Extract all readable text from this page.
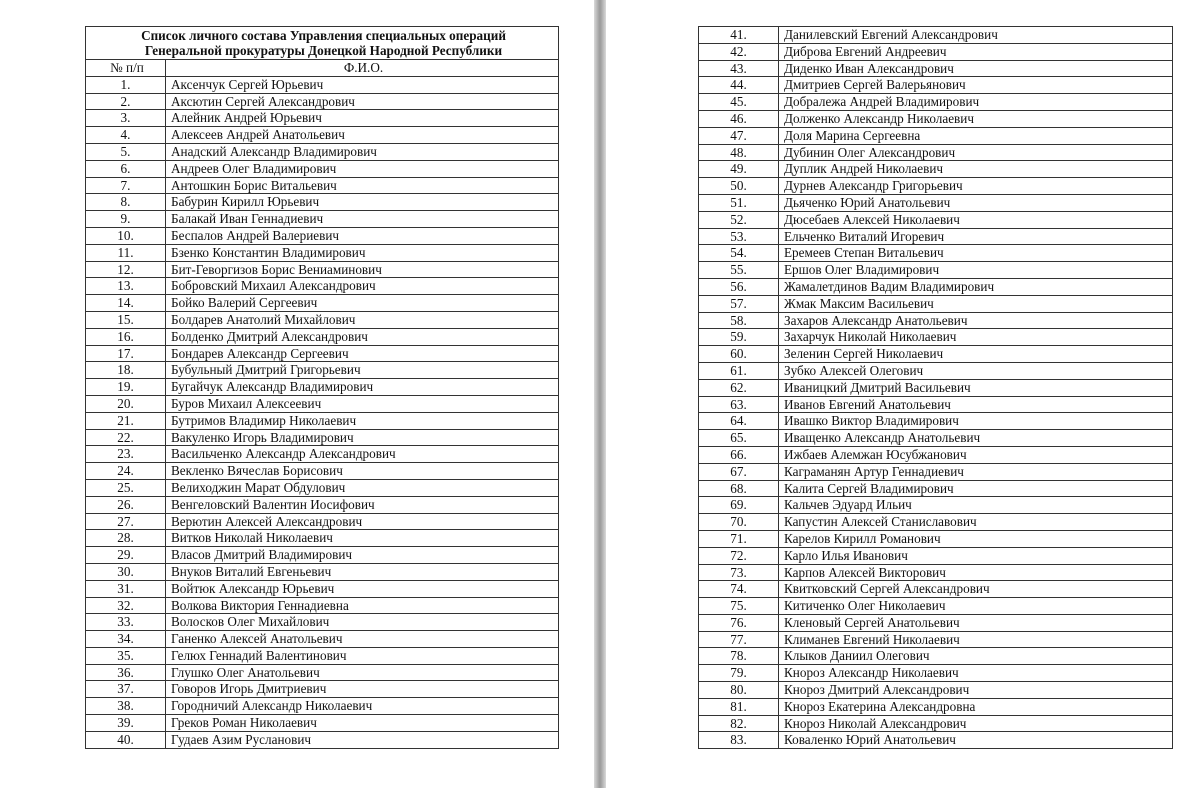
Список личного состава Управления специальных операций
Генеральной прокуратуры Донецкой Народной Республики	
№ п/п	Ф.И.О.
1.	Аксенчук Сергей Юрьевич
2.	Аксютин Сергей Александрович
3.	Алейник Андрей Юрьевич
4.	Алексеев Андрей Анатольевич
5.	Анадский Александр Владимирович
6.	Андреев Олег Владимирович
7.	Антошкин Борис Витальевич
8.	Бабурин Кирилл Юрьевич
9.	Балакай Иван Геннадиевич
10.	Беспалов Андрей Валериевич
11.	Бзенко Константин Владимирович
12.	Бит-Геворгизов Борис Вениаминович
13.	Бобровский Михаил Александрович
14.	Бойко Валерий Сергеевич
15.	Болдарев Анатолий Михайлович
16.	Болденко Дмитрий Александрович
17.	Бондарев Александр Сергеевич
18.	Бубульный Дмитрий Григорьевич
19.	Бугайчук Александр Владимирович
20.	Буров Михаил Алексеевич
21.	Бутримов Владимир Николаевич
22.	Вакуленко Игорь Владимирович
23.	Васильченко Александр Александрович
24.	Векленко Вячеслав Борисович
25.	Велиходжин Марат Обдулович
26.	Венгеловский Валентин Иосифович
27.	Верютин Алексей Александрович
28.	Витков Николай Николаевич
29.	Власов Дмитрий Владимирович
30.	Внуков Виталий Евгеньевич
31.	Войтюк Александр Юрьевич
32.	Волкова Виктория Геннадиевна
33.	Волосков Олег Михайлович
34.	Ганенко Алексей Анатольевич
35.	Гелюх Геннадий Валентинович
36.	Глушко Олег Анатольевич
37.	Говоров Игорь Дмитриевич
38.	Городничий Александр Николаевич
39.	Греков Роман Николаевич
40.	Гудаев Азим Русланович
41.	Данилевский Евгений Александрович
42.	Диброва Евгений Андреевич
43.	Диденко Иван Александрович
44.	Дмитриев Сергей Валерьянович
45.	Добралежа Андрей Владимирович
46.	Долженко Александр Николаевич
47.	Доля Марина Сергеевна
48.	Дубинин Олег Александрович
49.	Дуплик Андрей Николаевич
50.	Дурнев Александр Григорьевич
51.	Дьяченко Юрий Анатольевич
52.	Дюсебаев Алексей Николаевич
53.	Ельченко Виталий Игоревич
54.	Еремеев Степан Витальевич
55.	Ершов Олег Владимирович
56.	Жамалетдинов Вадим Владимирович
57.	Жмак Максим Васильевич
58.	Захаров Александр Анатольевич
59.	Захарчук Николай Николаевич
60.	Зеленин Сергей Николаевич
61.	Зубко Алексей Олегович
62.	Иваницкий Дмитрий Васильевич
63.	Иванов Евгений Анатольевич
64.	Ивашко Виктор Владимирович
65.	Иващенко Александр Анатольевич
66.	Ижбаев Алемжан Юсубжанович
67.	Каграманян Артур Геннадиевич
68.	Калита Сергей Владимирович
69.	Кальчев Эдуард Ильич
70.	Капустин Алексей Станиславович
71.	Карелов Кирилл Романович
72.	Карло Илья Иванович
73.	Карпов Алексей Викторович
74.	Квитковский Сергей Александрович
75.	Китиченко Олег Николаевич
76.	Кленовый Сергей Анатольевич
77.	Климанев Евгений Николаевич
78.	Клыков Даниил Олегович
79.	Кнороз Александр Николаевич
80.	Кнороз Дмитрий Александрович
81.	Кнороз Екатерина Александровна
82.	Кнороз Николай Александрович
83.	Коваленко Юрий Анатольевич
